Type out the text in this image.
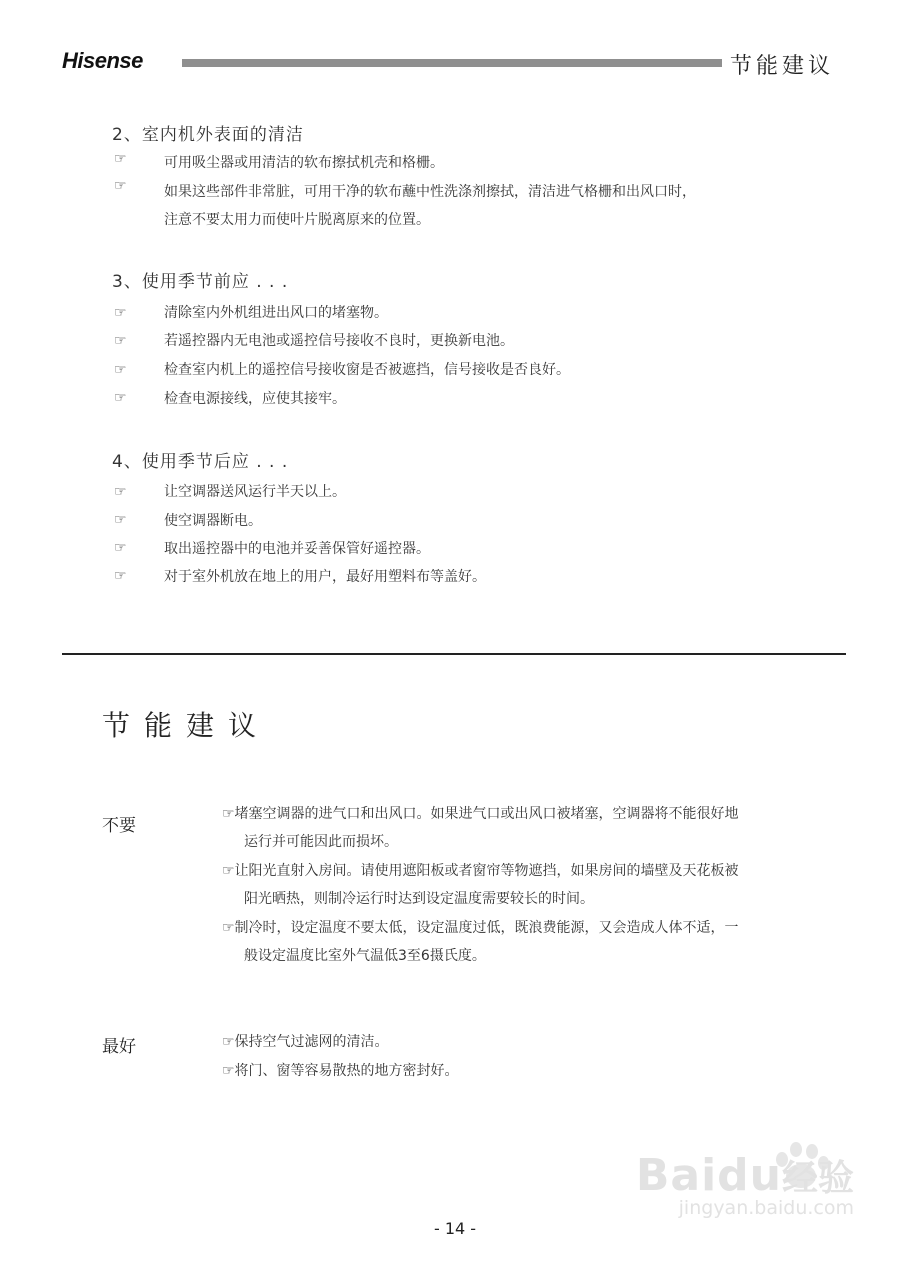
Hisense	节能建议
2、室内机外表面的清洁
☞	可用吸尘器或用清洁的软布擦拭机壳和格栅。
☞	如果这些部件非常脏，可用干净的软布蘸中性洗涤剂擦拭，清洁进气格栅和出风口时，
注意不要太用力而使叶片脱离原来的位置。
3、使用季节前应 . . .
☞	清除室内外机组进出风口的堵塞物。
☞	若遥控器内无电池或遥控信号接收不良时，更换新电池。
☞	检查室内机上的遥控信号接收窗是否被遮挡，信号接收是否良好。
☞	检查电源接线，应使其接牢。
4、使用季节后应 . . .
☞	让空调器送风运行半天以上。
☞	使空调器断电。
☞	取出遥控器中的电池并妥善保管好遥控器。
☞	对于室外机放在地上的用户，最好用塑料布等盖好。
节能建议
不要
☞堵塞空调器的进气口和出风口。如果进气口或出风口被堵塞，空调器将不能很好地
运行并可能因此而损坏。
☞让阳光直射入房间。请使用遮阳板或者窗帘等物遮挡，如果房间的墙壁及天花板被
阳光晒热，则制冷运行时达到设定温度需要较长的时间。
☞制冷时，设定温度不要太低，设定温度过低，既浪费能源，又会造成人体不适，一
般设定温度比室外气温低3至6摄氏度。
最好	☞保持空气过滤网的清洁。
☞将门、窗等容易散热的地方密封好。
Baidu经验
jingyan.baidu.com
- 14 -
